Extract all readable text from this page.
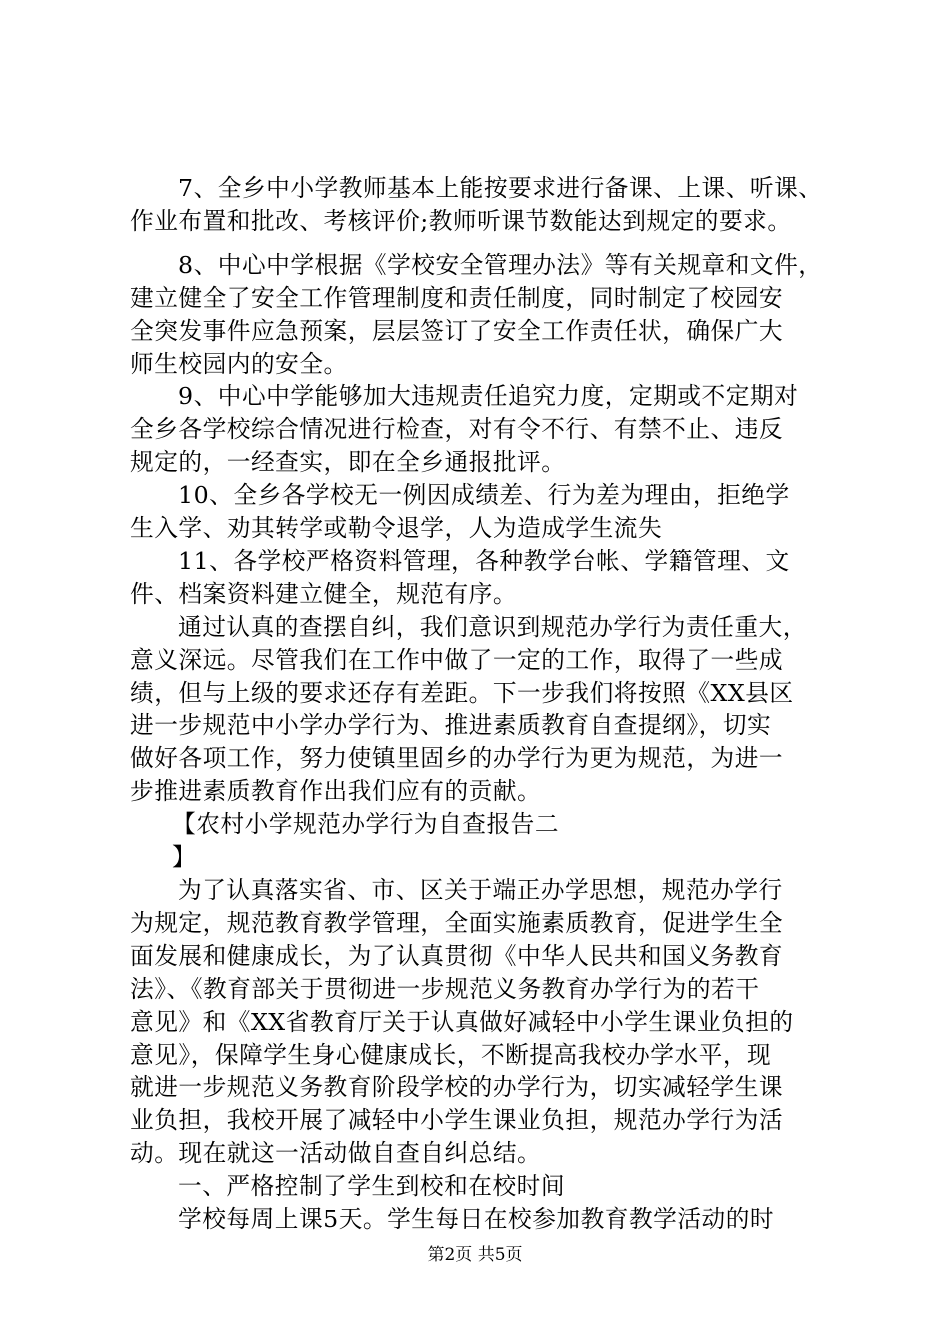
7、全乡中小学教师基本上能按要求进行备课、上课、听课、
作业布置和批改、考核评价;教师听课节数能达到规定的要求。
8、中心中学根据《学校安全管理办法》等有关规章和文件，
建立健全了安全工作管理制度和责任制度，同时制定了校园安
全突发事件应急预案，层层签订了安全工作责任状，确保广大
师生校园内的安全。
9、中心中学能够加大违规责任追究力度，定期或不定期对
全乡各学校综合情况进行检查，对有令不行、有禁不止、违反
规定的，一经查实，即在全乡通报批评。
10、全乡各学校无一例因成绩差、行为差为理由，拒绝学
生入学、劝其转学或勒令退学，人为造成学生流失
11、各学校严格资料管理，各种教学台帐、学籍管理、文
件、档案资料建立健全，规范有序。
通过认真的查摆自纠，我们意识到规范办学行为责任重大，
意义深远。尽管我们在工作中做了一定的工作，取得了一些成
绩，但与上级的要求还存有差距。下一步我们将按照《XX县区
进一步规范中小学办学行为、推进素质教育自查提纲》，切实
做好各项工作，努力使镇里固乡的办学行为更为规范，为进一
步推进素质教育作出我们应有的贡献。
【农村小学规范办学行为自查报告二
】
为了认真落实省、市、区关于端正办学思想，规范办学行
为规定，规范教育教学管理，全面实施素质教育，促进学生全
面发展和健康成长，为了认真贯彻《中华人民共和国义务教育
法》、《教育部关于贯彻进一步规范义务教育办学行为的若干
意见》和《XX省教育厅关于认真做好减轻中小学生课业负担的
意见》，保障学生身心健康成长，不断提高我校办学水平，现
就进一步规范义务教育阶段学校的办学行为，切实减轻学生课
业负担，我校开展了减轻中小学生课业负担，规范办学行为活
动。现在就这一活动做自查自纠总结。
一、严格控制了学生到校和在校时间
学校每周上课5天。学生每日在校参加教育教学活动的时
第2页 共5页
